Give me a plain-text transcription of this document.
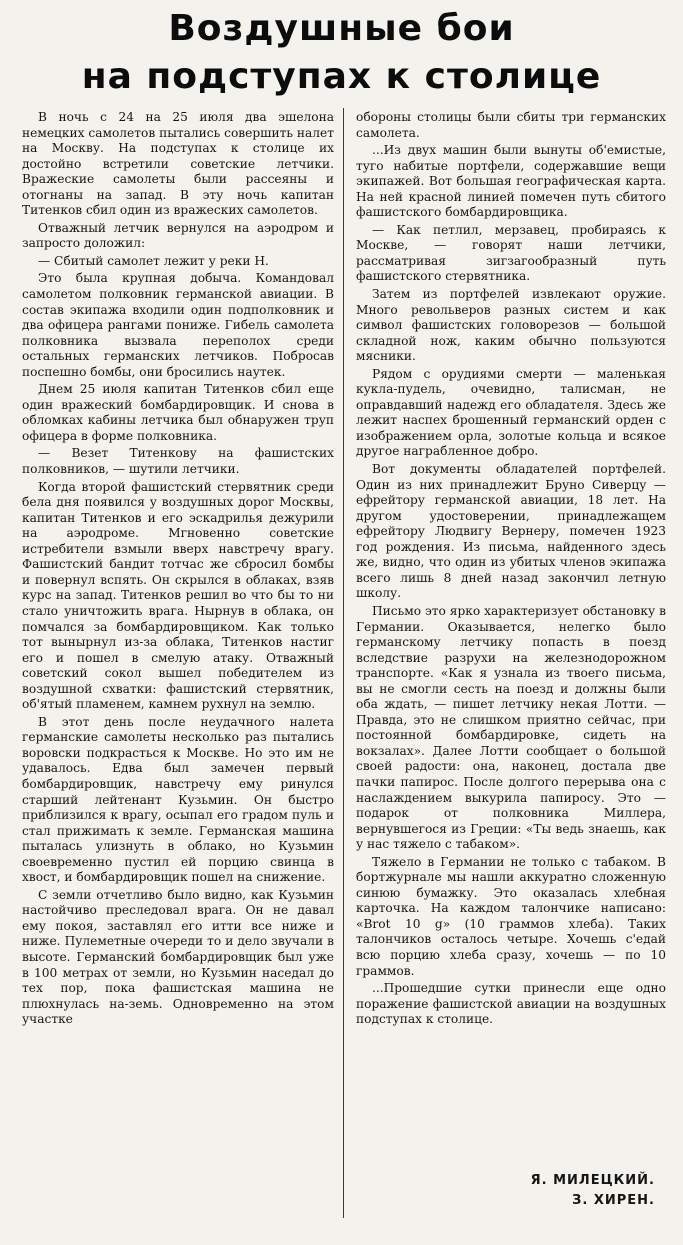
Воздушные бои
на подступах к столице

В ночь с 24 на 25 июля два эшелона немецких самолетов пытались совершить налет на Москву. На подступах к столице их достойно встретили советские летчики. Вражеские самолеты были рассеяны и отогнаны на запад. В эту ночь капитан Титенков сбил один из вражеских самолетов.

Отважный летчик вернулся на аэродром и запросто доложил:

— Сбитый самолет лежит у реки Н.

Это была крупная добыча. Командовал самолетом полковник германской авиации. В состав экипажа входили один подполковник и два офицера рангами пониже. Гибель самолета полковника вызвала переполох среди остальных германских летчиков. Побросав поспешно бомбы, они бросились наутек.

Днем 25 июля капитан Титенков сбил еще один вражеский бомбардировщик. И снова в обломках кабины летчика был обнаружен труп офицера в форме полковника.

— Везет Титенкову на фашистских полковников, — шутили летчики.

Когда второй фашистский стервятник среди бела дня появился у воздушных дорог Москвы, капитан Титенков и его эскадрилья дежурили на аэродроме. Мгновенно советские истребители взмыли вверх навстречу врагу. Фашистский бандит тотчас же сбросил бомбы и повернул вспять. Он скрылся в облаках, взяв курс на запад. Титенков решил во что бы то ни стало уничтожить врага. Нырнув в облака, он помчался за бомбардировщиком. Как только тот вынырнул из-за облака, Титенков настиг его и пошел в смелую атаку. Отважный советский сокол вышел победителем из воздушной схватки: фашистский стервятник, об'ятый пламенем, камнем рухнул на землю.

В этот день после неудачного налета германские самолеты несколько раз пытались воровски подкрасться к Москве. Но это им не удавалось. Едва был замечен первый бомбардировщик, навстречу ему ринулся старший лейтенант Кузьмин. Он быстро приблизился к врагу, осыпал его градом пуль и стал прижимать к земле. Германская машина пыталась улизнуть в облако, но Кузьмин своевременно пустил ей порцию свинца в хвост, и бомбардировщик пошел на снижение.

С земли отчетливо было видно, как Кузьмин настойчиво преследовал врага. Он не давал ему покоя, заставлял его итти все ниже и ниже. Пулеметные очереди то и дело звучали в высоте. Германский бомбардировщик был уже в 100 метрах от земли, но Кузьмин наседал до тех пор, пока фашистская машина не плюхнулась на-земь. Одновременно на этом участке

обороны столицы были сбиты три германских самолета.

...Из двух машин были вынуты об'емистые, туго набитые портфели, содержавшие вещи экипажей. Вот большая географическая карта. На ней красной линией помечен путь сбитого фашистского бомбардировщика.

— Как петлил, мерзавец, пробираясь к Москве, — говорят наши летчики, рассматривая зигзагообразный путь фашистского стервятника.

Затем из портфелей извлекают оружие. Много револьверов разных систем и как символ фашистских головорезов — большой складной нож, каким обычно пользуются мясники.

Рядом с орудиями смерти — маленькая кукла-пудель, очевидно, талисман, не оправдавший надежд его обладателя. Здесь же лежит наспех брошенный германский орден с изображением орла, золотые кольца и всякое другое награбленное добро.

Вот документы обладателей портфелей. Один из них принадлежит Бруно Сиверцу — ефрейтору германской авиации, 18 лет. На другом удостоверении, принадлежащем ефрейтору Людвигу Вернеру, помечен 1923 год рождения. Из письма, найденного здесь же, видно, что один из убитых членов экипажа всего лишь 8 дней назад закончил летную школу.

Письмо это ярко характеризует обстановку в Германии. Оказывается, нелегко было германскому летчику попасть в поезд вследствие разрухи на железнодорожном транспорте. «Как я узнала из твоего письма, вы не смогли сесть на поезд и должны были оба ждать, — пишет летчику некая Лотти. — Правда, это не слишком приятно сейчас, при постоянной бомбардировке, сидеть на вокзалах». Далее Лотти сообщает о большой своей радости: она, наконец, достала две пачки папирос. После долгого перерыва она с наслаждением выкурила папиросу. Это — подарок от полковника Миллера, вернувшегося из Греции: «Ты ведь знаешь, как у нас тяжело с табаком».

Тяжело в Германии не только с табаком. В бортжурнале мы нашли аккуратно сложенную синюю бумажку. Это оказалась хлебная карточка. На каждом талончике написано: «Brot 10 g» (10 граммов хлеба). Таких талончиков осталось четыре. Хочешь с'едай всю порцию хлеба сразу, хочешь — по 10 граммов.

...Прошедшие сутки принесли еще одно поражение фашистской авиации на воздушных подступах к столице.

Я. МИЛЕЦКИЙ.
З. ХИРЕН.
